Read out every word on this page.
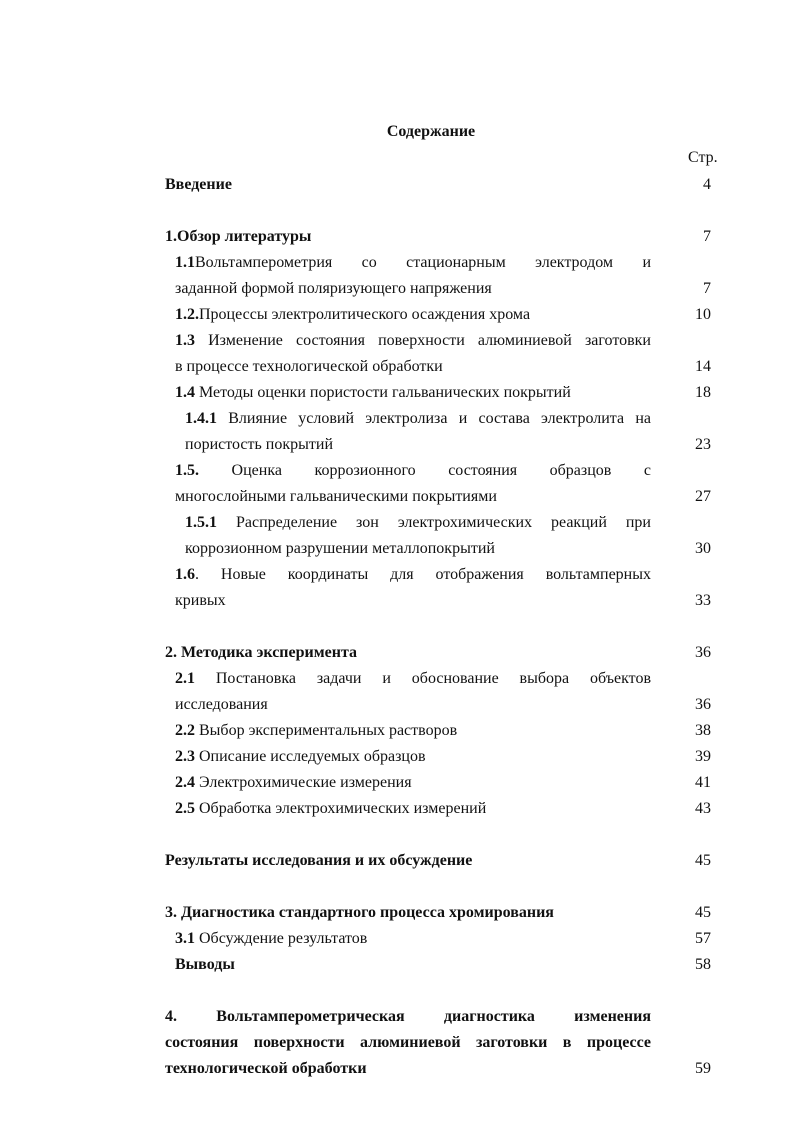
Содержание
Стр.
Введение	4
1.Обзор литературы	7
1.1Вольтамперометрия со стационарным электродом и
заданной формой поляризующего напряжения	7
1.2.Процессы электролитического осаждения хрома	10
1.3 Изменение состояния поверхности алюминиевой заготовки
в процессе технологической обработки	14
1.4 Методы оценки пористости гальванических покрытий	18
1.4.1 Влияние условий электролиза и состава электролита на
пористость покрытий	23
1.5. Оценка коррозионного состояния образцов с
многослойными гальваническими покрытиями	27
1.5.1 Распределение зон электрохимических реакций при
коррозионном разрушении металлопокрытий	30
1.6. Новые координаты для отображения вольтамперных
кривых	33
2. Методика эксперимента	36
2.1 Постановка задачи и обоснование выбора объектов
исследования	36
2.2 Выбор экспериментальных растворов	38
2.3 Описание исследуемых образцов	39
2.4 Электрохимические измерения	41
2.5 Обработка электрохимических измерений	43
Результаты исследования и их обсуждение	45
3. Диагностика стандартного процесса хромирования	45
3.1 Обсуждение результатов	57
Выводы	58
4. Вольтамперометрическая диагностика изменения
состояния поверхности алюминиевой заготовки в процессе
технологической обработки	59
